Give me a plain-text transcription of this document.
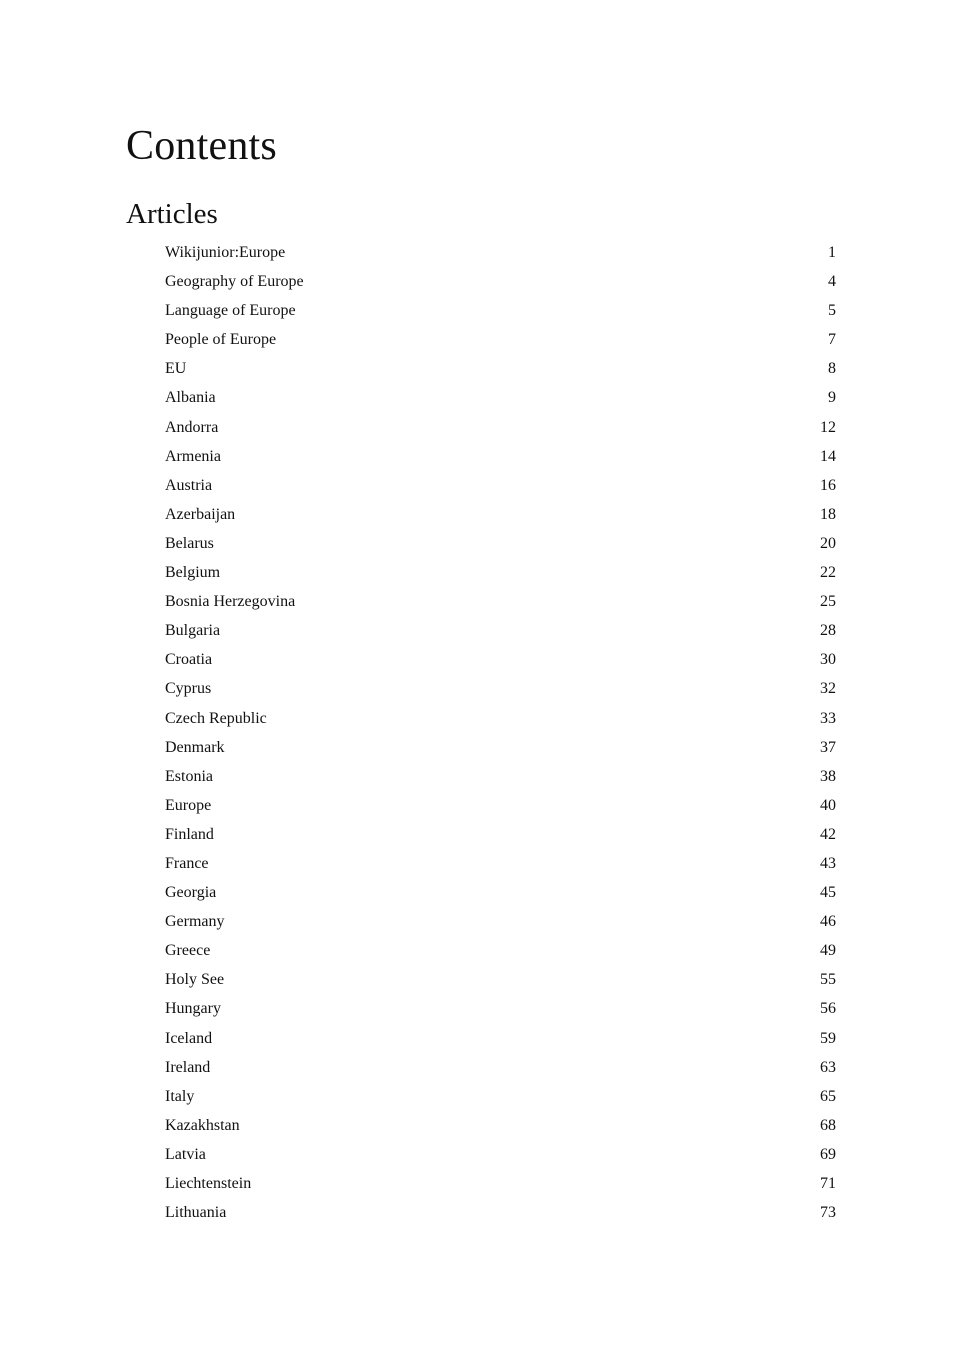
Contents
Articles
Wikijunior:Europe	1
Geography of Europe	4
Language of Europe	5
People of Europe	7
EU	8
Albania	9
Andorra	12
Armenia	14
Austria	16
Azerbaijan	18
Belarus	20
Belgium	22
Bosnia Herzegovina	25
Bulgaria	28
Croatia	30
Cyprus	32
Czech Republic	33
Denmark	37
Estonia	38
Europe	40
Finland	42
France	43
Georgia	45
Germany	46
Greece	49
Holy See	55
Hungary	56
Iceland	59
Ireland	63
Italy	65
Kazakhstan	68
Latvia	69
Liechtenstein	71
Lithuania	73
